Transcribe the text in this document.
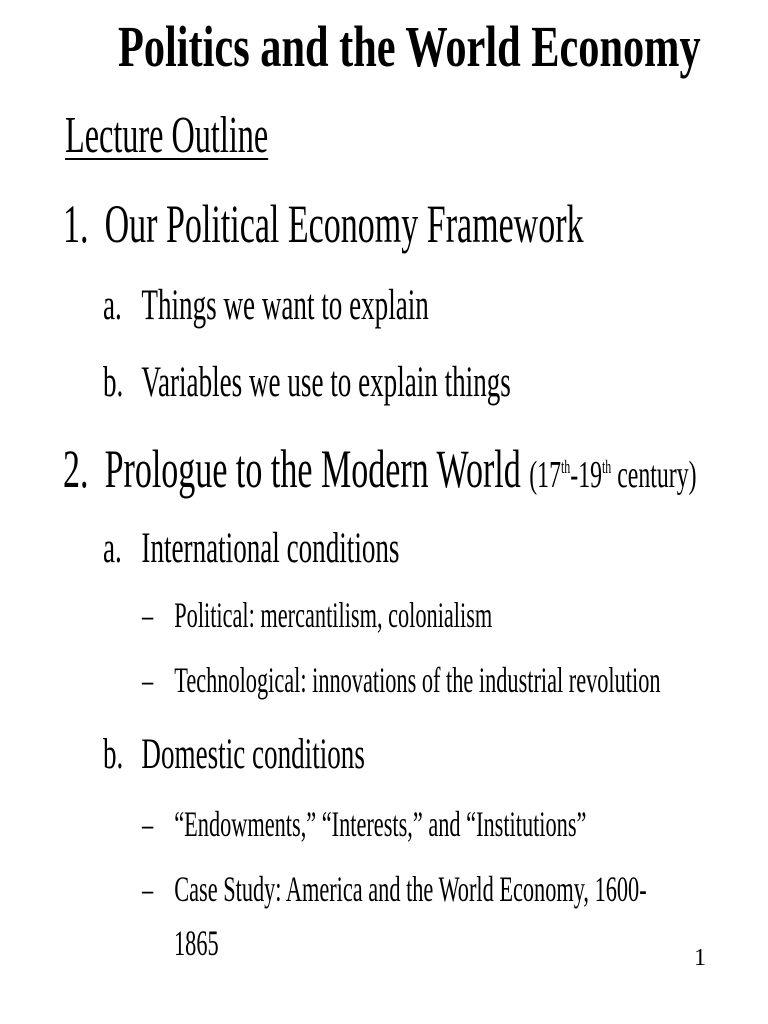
Politics and the World Economy
Lecture Outline
1. Our Political Economy Framework
a. Things we want to explain
b. Variables we use to explain things
2. Prologue to the Modern World (17th-19th century)
a. International conditions
– Political: mercantilism, colonialism
– Technological: innovations of the industrial revolution
b. Domestic conditions
– “Endowments,” “Interests,” and “Institutions”
– Case Study: America and the World Economy, 1600-
1865	1
